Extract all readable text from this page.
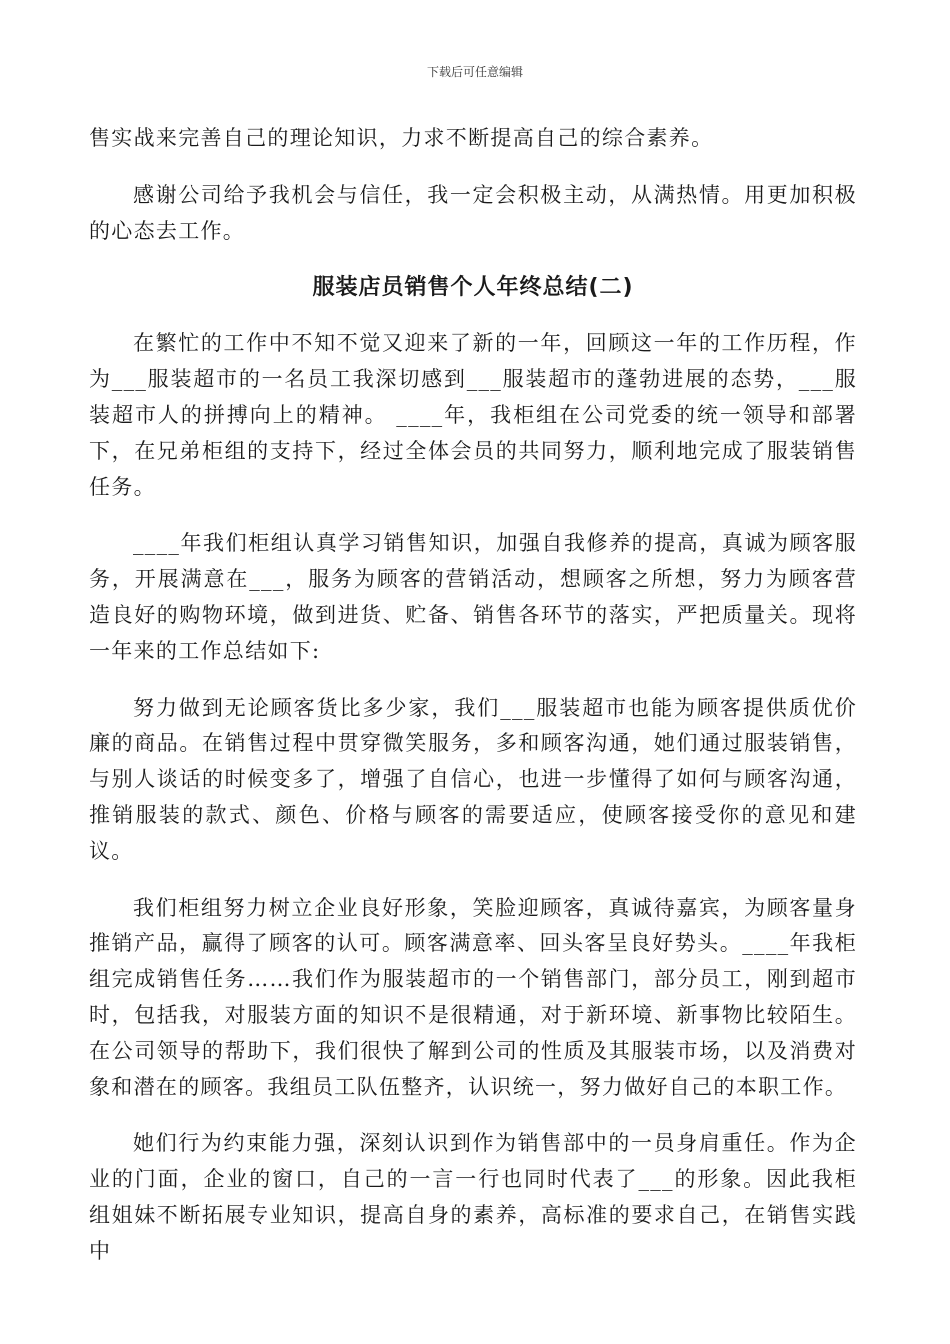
下载后可任意编辑

售实战来完善自己的理论知识，力求不断提高自己的综合素养。

感谢公司给予我机会与信任，我一定会积极主动，从满热情。用更加积极的心态去工作。

服装店员销售个人年终总结(二)

在繁忙的工作中不知不觉又迎来了新的一年，回顾这一年的工作历程，作为___服装超市的一名员工我深切感到___服装超市的蓬勃进展的态势，___服装超市人的拼搏向上的精神。 ____年，我柜组在公司党委的统一领导和部署下，在兄弟柜组的支持下，经过全体会员的共同努力，顺利地完成了服装销售任务。

____年我们柜组认真学习销售知识，加强自我修养的提高，真诚为顾客服务，开展满意在___，服务为顾客的营销活动，想顾客之所想，努力为顾客营造良好的购物环境，做到进货、贮备、销售各环节的落实，严把质量关。现将一年来的工作总结如下:

努力做到无论顾客货比多少家，我们___服装超市也能为顾客提供质优价廉的商品。在销售过程中贯穿微笑服务，多和顾客沟通，她们通过服装销售，与别人谈话的时候变多了，增强了自信心，也进一步懂得了如何与顾客沟通，推销服装的款式、颜色、价格与顾客的需要适应，使顾客接受你的意见和建议。

我们柜组努力树立企业良好形象，笑脸迎顾客，真诚待嘉宾，为顾客量身推销产品，赢得了顾客的认可。顾客满意率、回头客呈良好势头。____年我柜组完成销售任务……我们作为服装超市的一个销售部门，部分员工，刚到超市时，包括我，对服装方面的知识不是很精通，对于新环境、新事物比较陌生。在公司领导的帮助下，我们很快了解到公司的性质及其服装市场，以及消费对象和潜在的顾客。我组员工队伍整齐，认识统一，努力做好自己的本职工作。

她们行为约束能力强，深刻认识到作为销售部中的一员身肩重任。作为企业的门面，企业的窗口，自己的一言一行也同时代表了___的形象。因此我柜组姐妹不断拓展专业知识，提高自身的素养，高标准的要求自己，在销售实践中
